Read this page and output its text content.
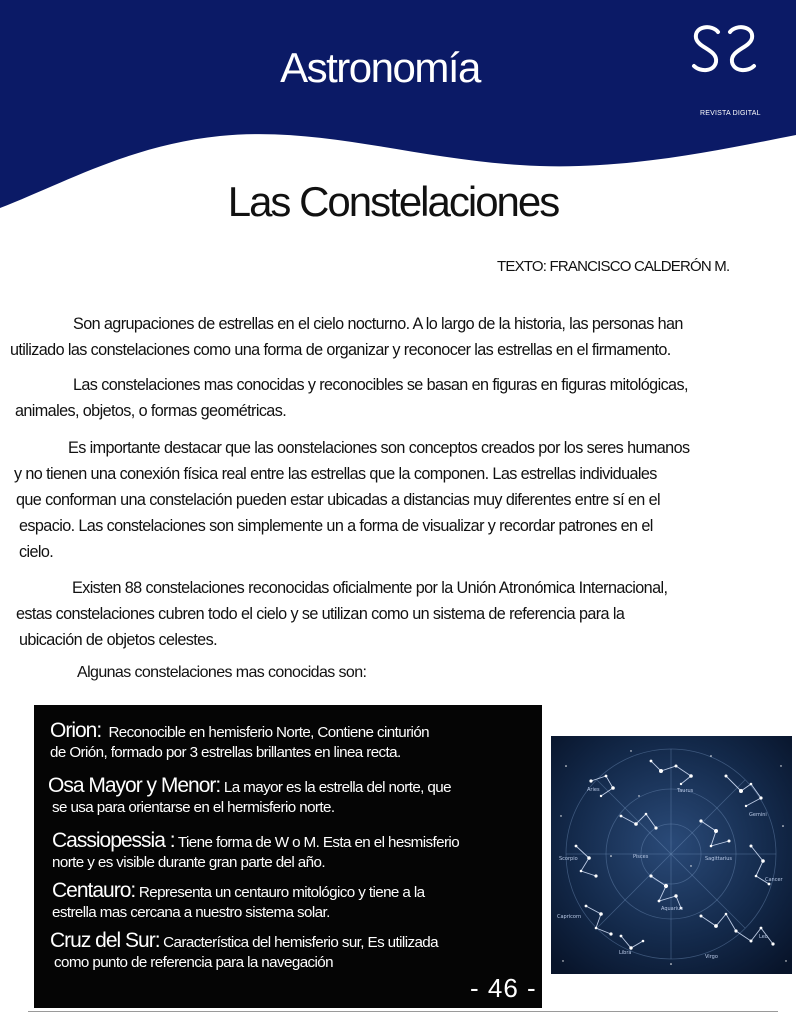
Astronomía
REVISTA DIGITAL
Las Constelaciones
TEXTO: FRANCISCO CALDERÓN M.
Son agrupaciones de estrellas en el cielo nocturno. A lo largo de la historia, las personas han
utilizado las constelaciones como una forma de organizar y reconocer las estrellas en el firmamento.
Las constelaciones mas conocidas y reconocibles se basan en figuras en figuras mitológicas,
animales, objetos, o formas geométricas.
Es importante destacar que las oonstelaciones son conceptos creados por los seres humanos
y no tienen una conexión física real entre las estrellas que la componen. Las estrellas individuales
que conforman una constelación pueden estar ubicadas a distancias muy diferentes entre sí en el
espacio. Las constelaciones son simplemente un a forma de visualizar y recordar patrones en el
cielo.
Existen 88 constelaciones reconocidas oficialmente por la Unión Atronómica Internacional,
estas constelaciones cubren todo el cielo y se utilizan como un sistema de referencia para la
ubicación de objetos celestes.
Algunas constelaciones mas conocidas son:
Orion: Reconocible en hemisferio Norte, Contiene cinturión
de Orión, formado por 3 estrellas brillantes en linea recta.
Osa Mayor y Menor: La mayor es la estrella del norte, que
se usa para orientarse en el hermisferio norte.
Cassiopessia : Tiene forma de W o M. Esta en el hesmisferio
norte y es visible durante gran parte del año.
Centauro: Representa un centauro mitológico y tiene a la
estrella mas cercana a nuestro sistema solar.
Cruz del Sur: Característica del hemisferio sur, Es utilizada
como punto de referencia para la navegación
- 46 -
Aries	Taurus
Gemini
Pisces
Scorpio	Sagittarius
Cancer
Aquarius
Capricorn
Libra
Virgo
Leo
